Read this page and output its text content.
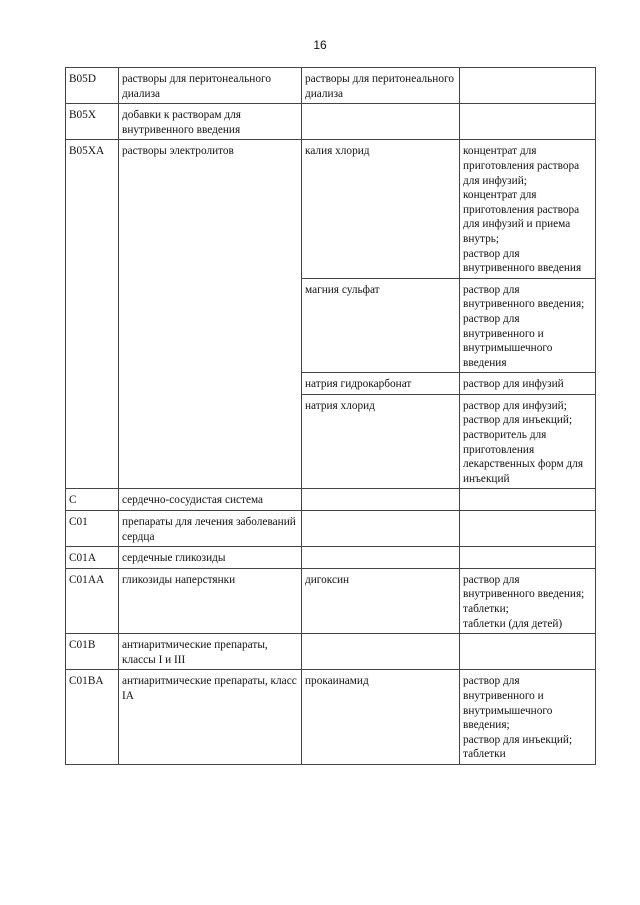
16
B05D	растворы для перитонеального диализа	растворы для перитонеального диализа	
B05X	добавки к растворам для внутривенного введения		
B05XA	растворы электролитов	калия хлорид	концентрат для приготовления раствора для инфузий;
концентрат для приготовления раствора для инфузий и приема внутрь;
раствор для внутривенного введения

		магния сульфат	раствор для внутривенного введения;
раствор для внутривенного и внутримышечного введения

		натрия гидрокарбонат	раствор для инфузий

		натрия хлорид	раствор для инфузий;
раствор для инъекций;
растворитель для приготовления лекарственных форм для инъекций

C	сердечно-сосудистая система		
C01	препараты для лечения заболеваний сердца		
C01A	сердечные гликозиды		
C01AA	гликозиды наперстянки	дигоксин	раствор для внутривенного введения;
таблетки;
таблетки (для детей)

C01B	антиаритмические препараты, классы I и III		
C01BA	антиаритмические препараты, класс IA	прокаинамид	раствор для внутривенного и внутримышечного введения;
раствор для инъекций;
таблетки
